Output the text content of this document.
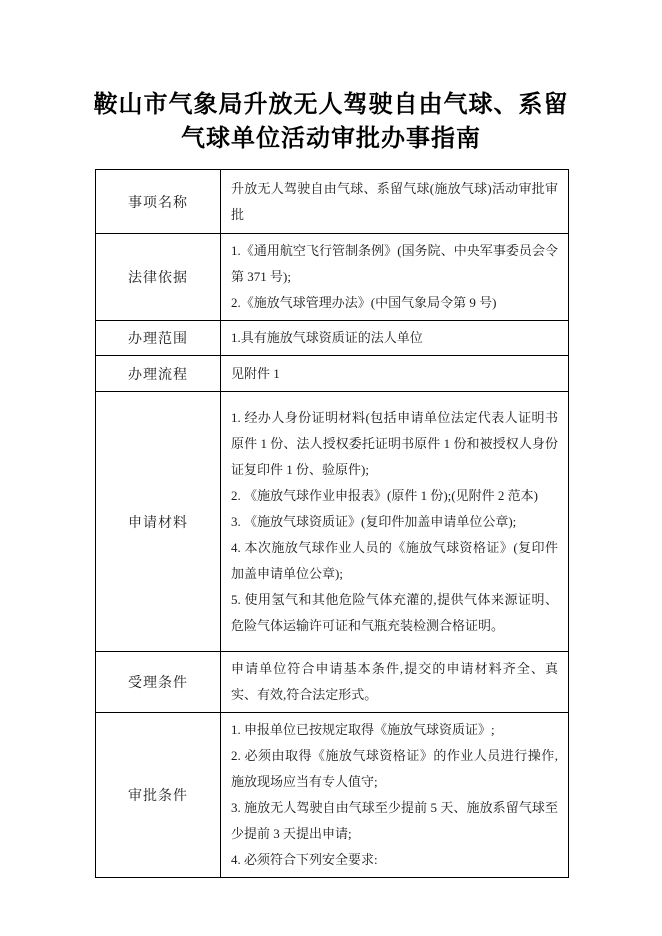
鞍山市气象局升放无人驾驶自由气球、系留
气球单位活动审批办事指南
事项名称	升放无人驾驶自由气球、系留气球(施放气球)活动审批审批

法律依据	1.《通用航空飞行管制条例》(国务院、中央军事委员会令第 371 号);

2.《施放气球管理办法》(中国气象局令第 9 号)

办理范围	1.具有施放气球资质证的法人单位

办理流程	见附件 1

申请材料	1. 经办人身份证明材料(包括申请单位法定代表人证明书原件 1 份、法人授权委托证明书原件 1 份和被授权人身份证复印件 1 份、验原件);

2. 《施放气球作业申报表》(原件 1 份);(见附件 2 范本)

3. 《施放气球资质证》(复印件加盖申请单位公章);

4. 本次施放气球作业人员的《施放气球资格证》(复印件加盖申请单位公章);

5. 使用氢气和其他危险气体充灌的,提供气体来源证明、危险气体运输许可证和气瓶充装检测合格证明。

受理条件	申请单位符合申请基本条件,提交的申请材料齐全、真实、有效,符合法定形式。

审批条件	1. 申报单位已按规定取得《施放气球资质证》;

2. 必须由取得《施放气球资格证》的作业人员进行操作,施放现场应当有专人值守;

3. 施放无人驾驶自由气球至少提前 5 天、施放系留气球至少提前 3 天提出申请;

4. 必须符合下列安全要求:
